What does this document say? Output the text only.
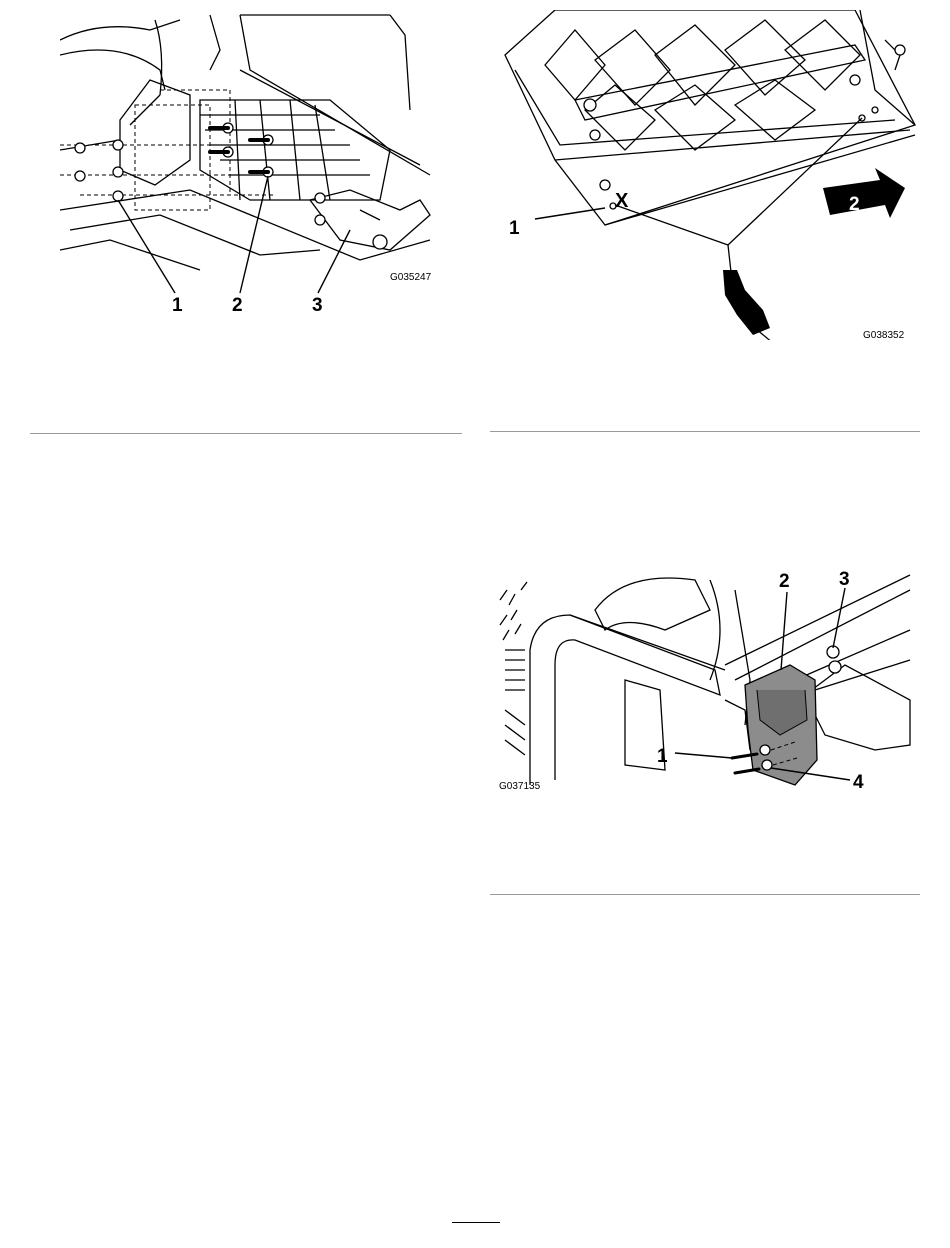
1	2	3
G035247
X
1
2
G038352
1
2	3
4
G037135
